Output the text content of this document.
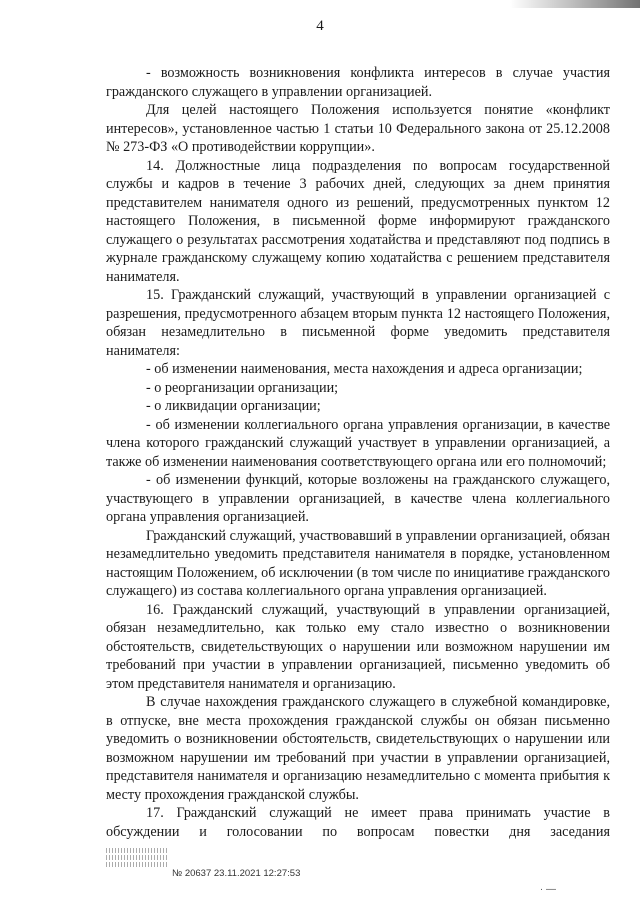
4

- возможность возникновения конфликта интересов в случае участия гражданского служащего в управлении организацией.

Для целей настоящего Положения используется понятие «конфликт интересов», установленное частью 1 статьи 10 Федерального закона от 25.12.2008 № 273-ФЗ «О противодействии коррупции».

14. Должностные лица подразделения по вопросам государственной службы и кадров в течение 3 рабочих дней, следующих за днем принятия представителем нанимателя одного из решений, предусмотренных пунктом 12 настоящего Положения, в письменной форме информируют гражданского служащего о результатах рассмотрения ходатайства и представляют под подпись в журнале гражданскому служащему копию ходатайства с решением представителя нанимателя.

15. Гражданский служащий, участвующий в управлении организацией с разрешения, предусмотренного абзацем вторым пункта 12 настоящего Положения, обязан незамедлительно в письменной форме уведомить представителя нанимателя:

- об изменении наименования, места нахождения и адреса организации;

- о реорганизации организации;

- о ликвидации организации;

- об изменении коллегиального органа управления организации, в качестве члена которого гражданский служащий участвует в управлении организацией, а также об изменении наименования соответствующего органа или его полномочий;

- об изменении функций, которые возложены на гражданского служащего, участвующего в управлении организацией, в качестве члена коллегиального органа управления организацией.

Гражданский служащий, участвовавший в управлении организацией, обязан незамедлительно уведомить представителя нанимателя в порядке, установленном настоящим Положением, об исключении (в том числе по инициативе гражданского служащего) из состава коллегиального органа управления организацией.

16. Гражданский служащий, участвующий в управлении организацией, обязан незамедлительно, как только ему стало известно о возникновении обстоятельств, свидетельствующих о нарушении или возможном нарушении им требований при участии в управлении организацией, письменно уведомить об этом представителя нанимателя и организацию.

В случае нахождения гражданского служащего в служебной командировке, в отпуске, вне места прохождения гражданской службы он обязан письменно уведомить о возникновении обстоятельств, свидетельствующих о нарушении или возможном нарушении им требований при участии в управлении организацией, представителя нанимателя и организацию незамедлительно с момента прибытия к месту прохождения гражданской службы.

17. Гражданский служащий не имеет права принимать участие в обсуждении и голосовании по вопросам повестки дня заседания

№ 20637 23.11.2021 12:27:53
· —
